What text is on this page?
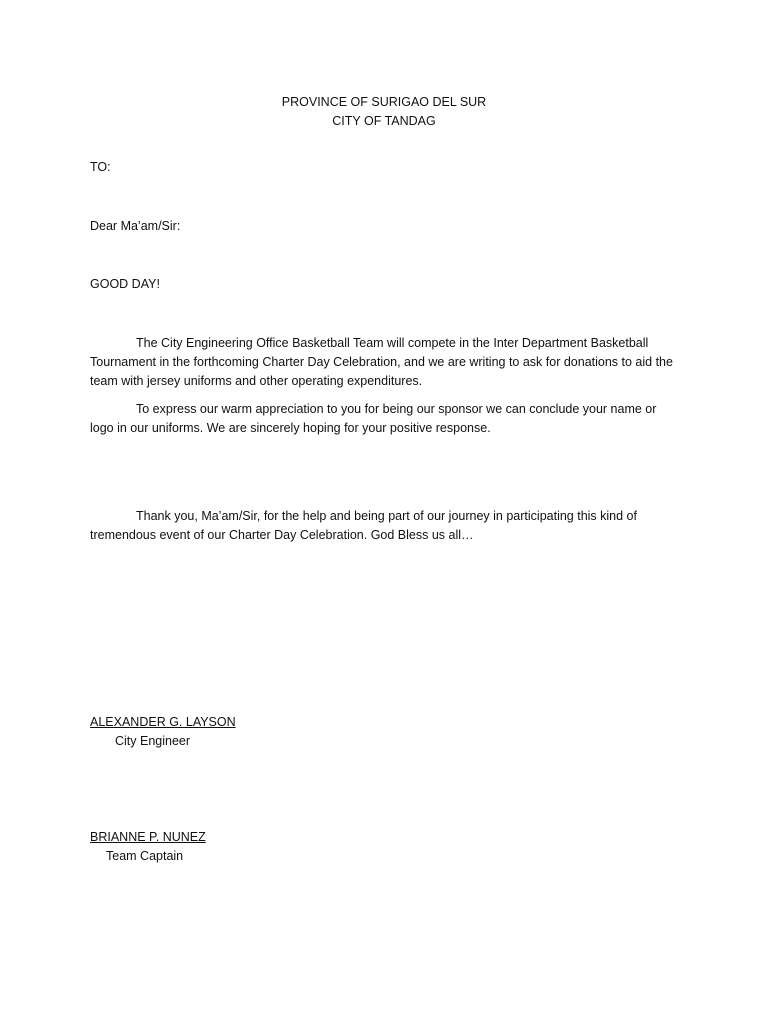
PROVINCE OF SURIGAO DEL SUR
CITY OF TANDAG
TO:
Dear Ma’am/Sir:
GOOD DAY!
The City Engineering Office Basketball Team will compete in the Inter Department Basketball Tournament in the forthcoming Charter Day Celebration, and we are writing to ask for donations to aid the team with jersey uniforms and other operating expenditures.
To express our warm appreciation to you for being our sponsor we can conclude your name or logo in our uniforms. We are sincerely hoping for your positive response.
Thank you, Ma’am/Sir, for the help and being part of our journey in participating this kind of tremendous event of our Charter Day Celebration. God Bless us all…
ALEXANDER G. LAYSON
City Engineer
BRIANNE P. NUNEZ
Team Captain
